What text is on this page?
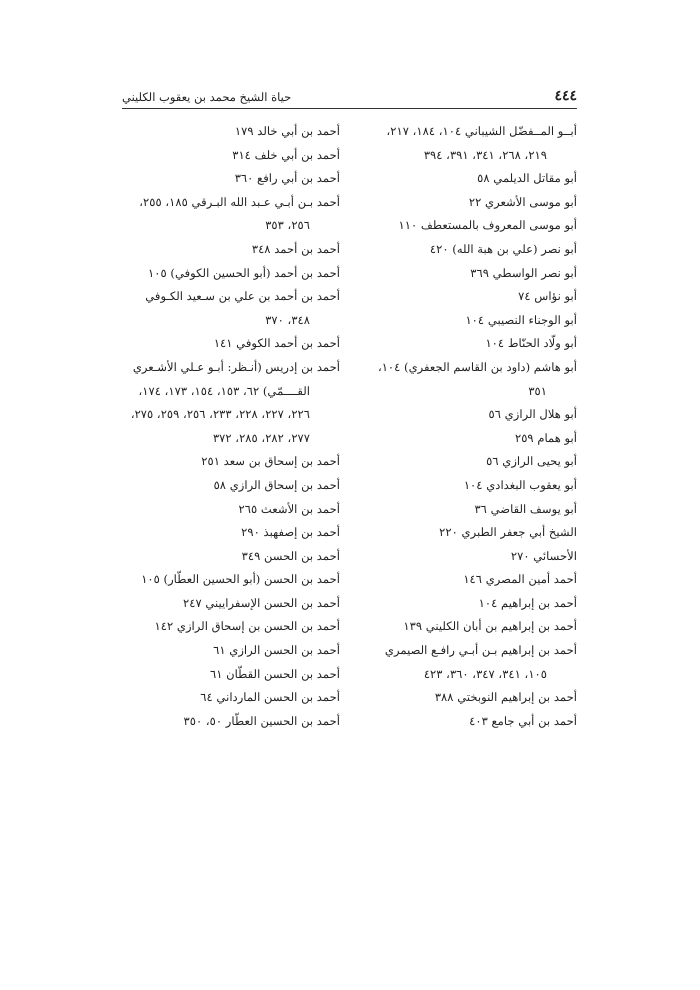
٤٤٤
حياة الشيخ محمد بن يعقوب الكليني
أبــو المــفضّل الشيباني ١٠٤، ١٨٤، ٢١٧،
٢١٩، ٢٦٨، ٣٤١، ٣٩١، ٣٩٤
أبو مقاتل الديلمي ٥٨
أبو موسى الأشعري ٢٢
أبو موسى المعروف بالمستعطف ١١٠
أبو نصر (علي بن هبة الله) ٤٢٠
أبو نصر الواسطي ٣٦٩
أبو نؤاس ٧٤
أبو الوجناء النصيبي ١٠٤
أبو ولّاد الحنّاط ١٠٤
أبو هاشم (داود بن القاسم الجعفري) ١٠٤،
٣٥١
أبو هلال الرازي ٥٦
أبو همام ٢٥٩
أبو يحيى الرازي ٥٦
أبو يعقوب البغدادي ١٠٤
أبو يوسف القاضي ٣٦
الشيخ أبي جعفر الطبري ٢٢٠
الأحسائي ٢٧٠
أحمد أمين المصري ١٤٦
أحمد بن إبراهيم ١٠٤
أحمد بن إبراهيم بن أبان الكليني ١٣٩
أحمد بن إبراهيم بـن أبـي رافـع الصيمري
١٠٥، ٣٤١، ٣٤٧، ٣٦٠، ٤٢٣
أحمد بن إبراهيم النوبختي ٣٨٨
أحمد بن أبي جامع ٤٠٣
أحمد بن أبي خالد ١٧٩
أحمد بن أبي خلف ٣١٤
أحمد بن أبي رافع ٣٦٠
أحمد بـن أبـي عـبد الله البـرقي ١٨٥، ٢٥٥،
٢٥٦، ٣٥٣
أحمد بن أحمد ٣٤٨
أحمد بن أحمد (أبو الحسين الكوفي) ١٠٥
أحمد بن أحمد بن علي بن سـعيد الكـوفي
٣٤٨، ٣٧٠
أحمد بن أحمد الكوفي ١٤١
أحمد بن إدريس (أنـظر: أبـو عـلي الأشـعري
القــــمّي) ٦٢، ١٥٣، ١٥٤، ١٧٣، ١٧٤،
٢٢٦، ٢٢٧، ٢٢٨، ٢٣٣، ٢٥٦، ٢٥٩، ٢٧٥،
٢٧٧، ٢٨٢، ٢٨٥، ٣٧٢
أحمد بن إسحاق بن سعد ٢٥١
أحمد بن إسحاق الرازي ٥٨
أحمد بن الأشعث ٢٦٥
أحمد بن إصفهبذ ٢٩٠
أحمد بن الحسن ٣٤٩
أحمد بن الحسن (أبو الحسين العطّار) ١٠٥
أحمد بن الحسن الإسفراييني ٢٤٧
أحمد بن الحسن بن إسحاق الرازي ١٤٢
أحمد بن الحسن الرازي ٦١
أحمد بن الحسن القطّان ٦١
أحمد بن الحسن المارداني ٦٤
أحمد بن الحسين العطّار ٥٠، ٣٥٠
